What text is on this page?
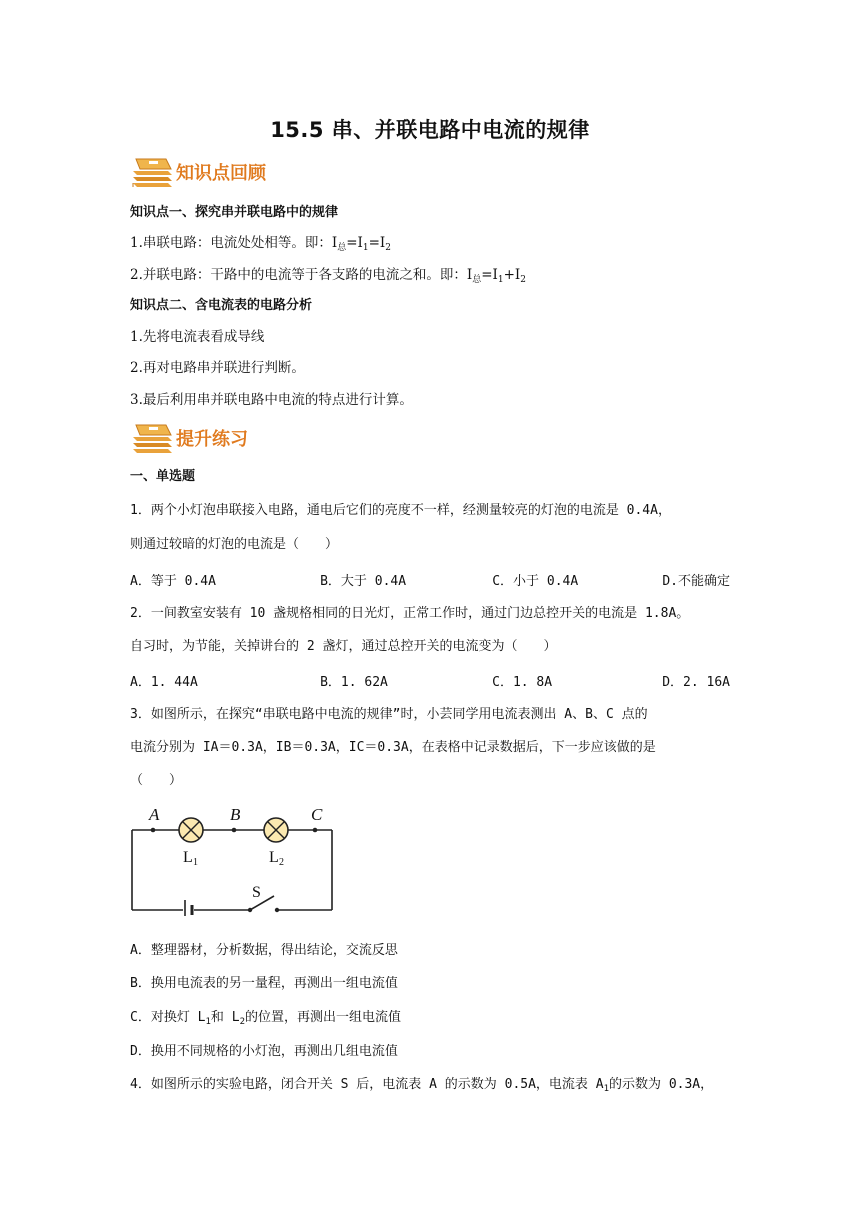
15.5 串、并联电路中电流的规律
知识点回顾
知识点一、探究串并联电路中的规律
1.串联电路：电流处处相等。即：$I_总=I_1=I_2$
2.并联电路：干路中的电流等于各支路的电流之和。即：$I_总=I_1+I_2$
知识点二、含电流表的电路分析
1.先将电流表看成导线
2.再对电路串并联进行判断。
3.最后利用串并联电路中电流的特点进行计算。
提升练习
一、单选题
1．两个小灯泡串联接入电路，通电后它们的亮度不一样，经测量较亮的灯泡的电流是 0.4A，
则通过较暗的灯泡的电流是（　　）
A．等于 0.4A	B．大于 0.4A	C．小于 0.4A	D.不能确定
2．一间教室安装有 10 盏规格相同的日光灯，正常工作时，通过门边总控开关的电流是 1.8A。
自习时，为节能，关掉讲台的 2 盏灯，通过总控开关的电流变为（　　）
A．1. 44A	B．1. 62A	C．1. 8A	D．2. 16A
3．如图所示，在探究“串联电路中电流的规律”时，小芸同学用电流表测出 A、B、C 点的
电流分别为 IA＝0.3A，IB＝0.3A，IC＝0.3A，在表格中记录数据后，下一步应该做的是
（　　）
A	B	C
L 1	L 2
S
A．整理器材，分析数据，得出结论，交流反思
B．换用电流表的另一量程，再测出一组电流值
C．对换灯 $L_1$和 $L_2$的位置，再测出一组电流值
D．换用不同规格的小灯泡，再测出几组电流值
4．如图所示的实验电路，闭合开关 S 后，电流表 A 的示数为 0.5A，电流表 $A_1$的示数为 0.3A，
